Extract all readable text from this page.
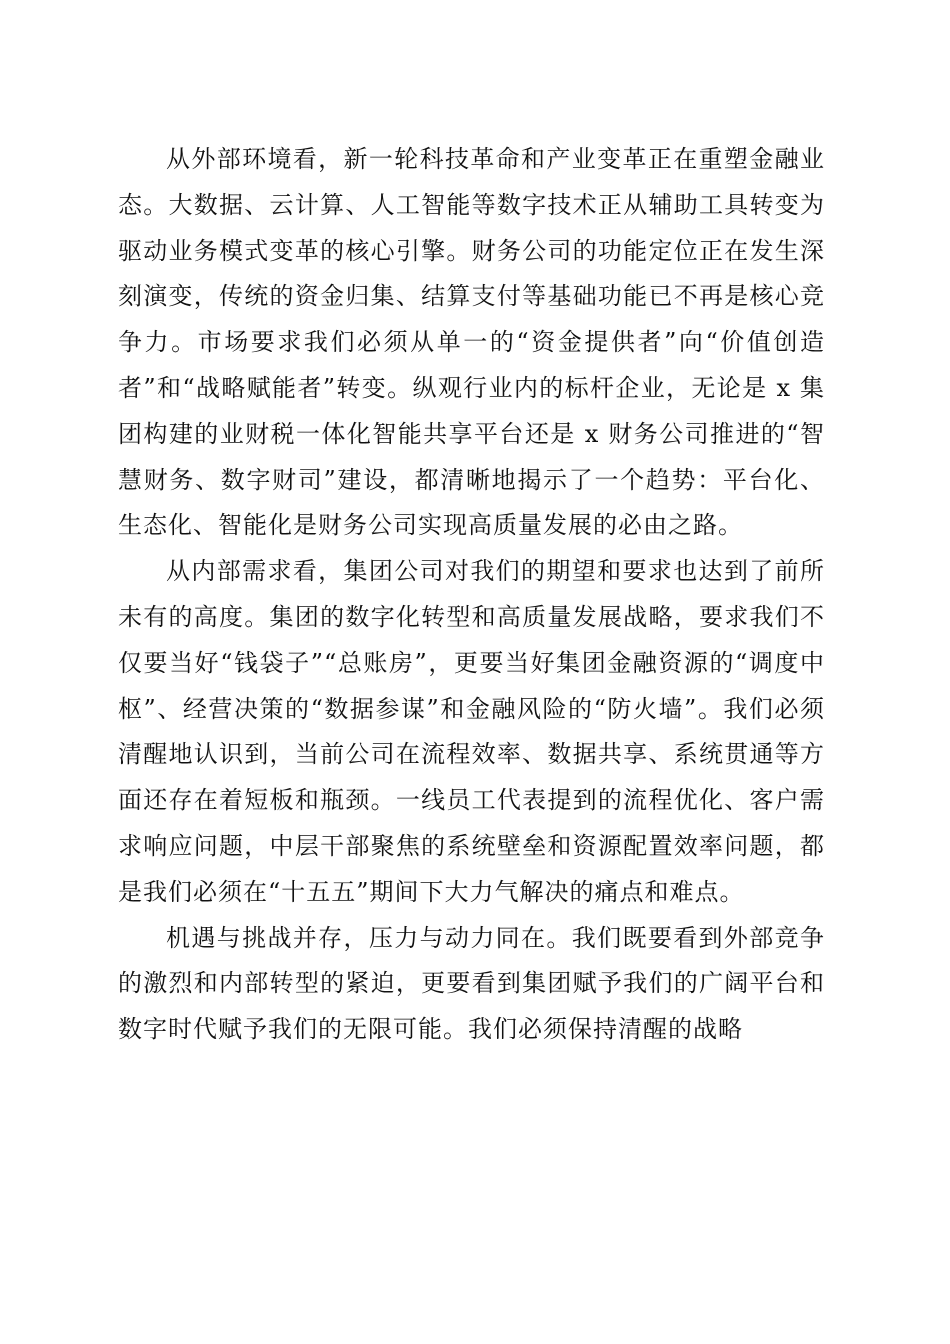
从外部环境看，新一轮科技革命和产业变革正在重塑金融业态。大数据、云计算、人工智能等数字技术正从辅助工具转变为驱动业务模式变革的核心引擎。财务公司的功能定位正在发生深刻演变，传统的资金归集、结算支付等基础功能已不再是核心竞争力。市场要求我们必须从单一的“资金提供者”向“价值创造者”和“战略赋能者”转变。纵观行业内的标杆企业，无论是 x 集团构建的业财税一体化智能共享平台还是 x 财务公司推进的“智慧财务、数字财司”建设，都清晰地揭示了一个趋势：平台化、生态化、智能化是财务公司实现高质量发展的必由之路。

从内部需求看，集团公司对我们的期望和要求也达到了前所未有的高度。集团的数字化转型和高质量发展战略，要求我们不仅要当好“钱袋子”“总账房”，更要当好集团金融资源的“调度中枢”、经营决策的“数据参谋”和金融风险的“防火墙”。我们必须清醒地认识到，当前公司在流程效率、数据共享、系统贯通等方面还存在着短板和瓶颈。一线员工代表提到的流程优化、客户需求响应问题，中层干部聚焦的系统壁垒和资源配置效率问题，都是我们必须在“十五五”期间下大力气解决的痛点和难点。

机遇与挑战并存，压力与动力同在。我们既要看到外部竞争的激烈和内部转型的紧迫，更要看到集团赋予我们的广阔平台和数字时代赋予我们的无限可能。我们必须保持清醒的战略
